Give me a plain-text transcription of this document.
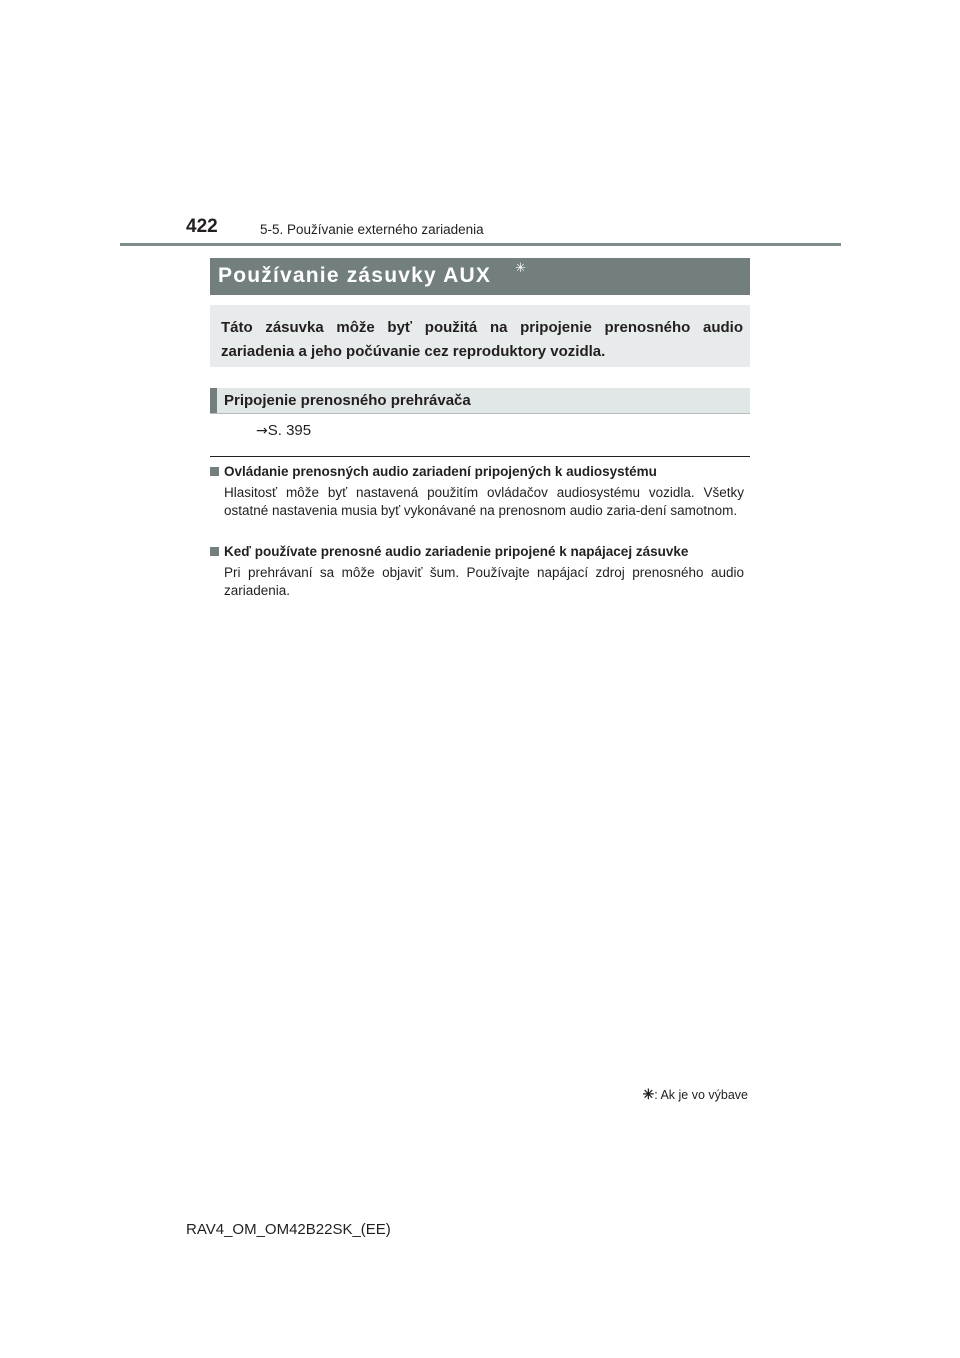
422	5-5. Používanie externého zariadenia
Používanie zásuvky AUX ✳
Táto zásuvka môže byť použitá na pripojenie prenosného audio zariadenia a jeho počúvanie cez reproduktory vozidla.
Pripojenie prenosného prehrávača
→S. 395
Ovládanie prenosných audio zariadení pripojených k audiosystému
Hlasitosť môže byť nastavená použitím ovládačov audiosystému vozidla. Všetky ostatné nastavenia musia byť vykonávané na prenosnom audio zaria-dení samotnom.
Keď používate prenosné audio zariadenie pripojené k napájacej zásuvke
Pri prehrávaní sa môže objaviť šum. Používajte napájací zdroj prenosného audio zariadenia.
✳: Ak je vo výbave
RAV4_OM_OM42B22SK_(EE)
